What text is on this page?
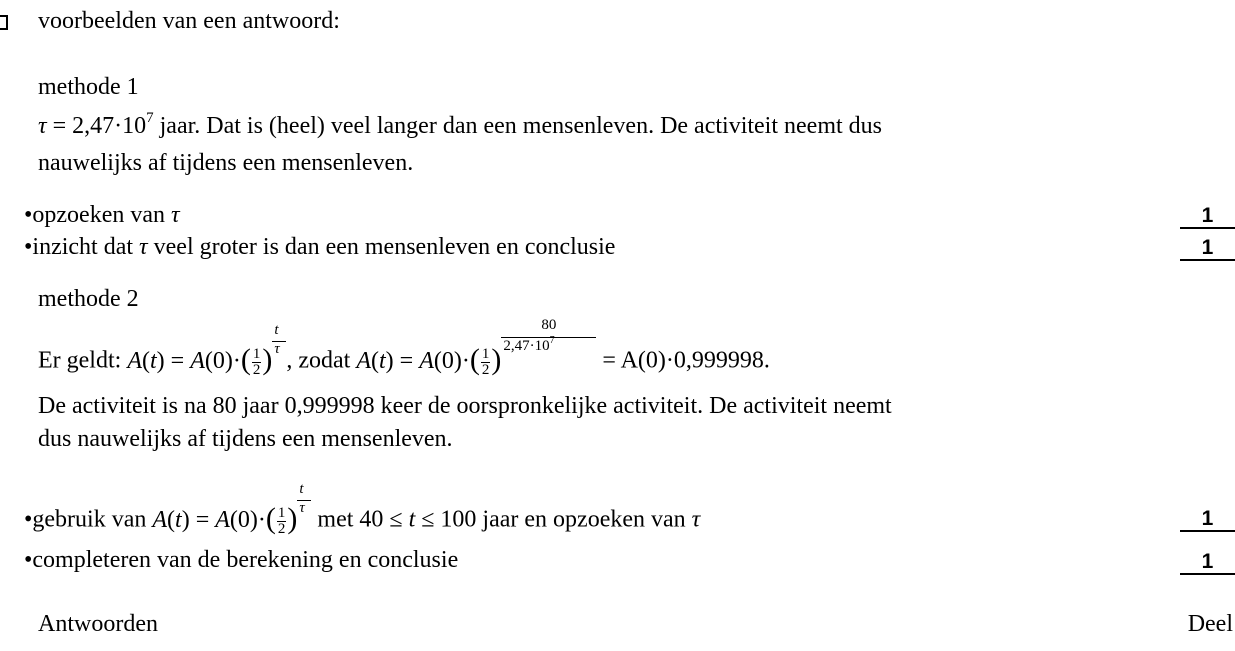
voorbeelden van een antwoord:
methode 1
$\tau = 2,47\cdot 10^7$ jaar. Dat is (heel) veel langer dan een mensenleven. De activiteit neemt dus
nauwelijks af tijdens een mensenleven.
•opzoeken van τ	1
•inzicht dat τ veel groter is dan een mensenleven en conclusie	1
methode 2
Er geldt: $A(t) = A(0)\cdot( \frac{1}{2}$ ) $\frac{t}{\tau}$ , zodat $A(t) = A(0)\cdot( \frac{1}{2}$ ) $\frac{80}{2,47\cdot 10^7} = A(0)\cdot 0,999998$.
De activiteit is na 80 jaar 0,999998 keer de oorspronkelijke activiteit. De activiteit neemt
dus nauwelijks af tijdens een mensenleven.
•gebruik van $A(t) = A(0)\cdot( \frac{1}{2}$ ) $\frac{t}{\tau}$ met 40 ≤ t ≤ 100 jaar en opzoeken van τ	1
•completeren van de berekening en conclusie	1
Antwoorden	Deel
